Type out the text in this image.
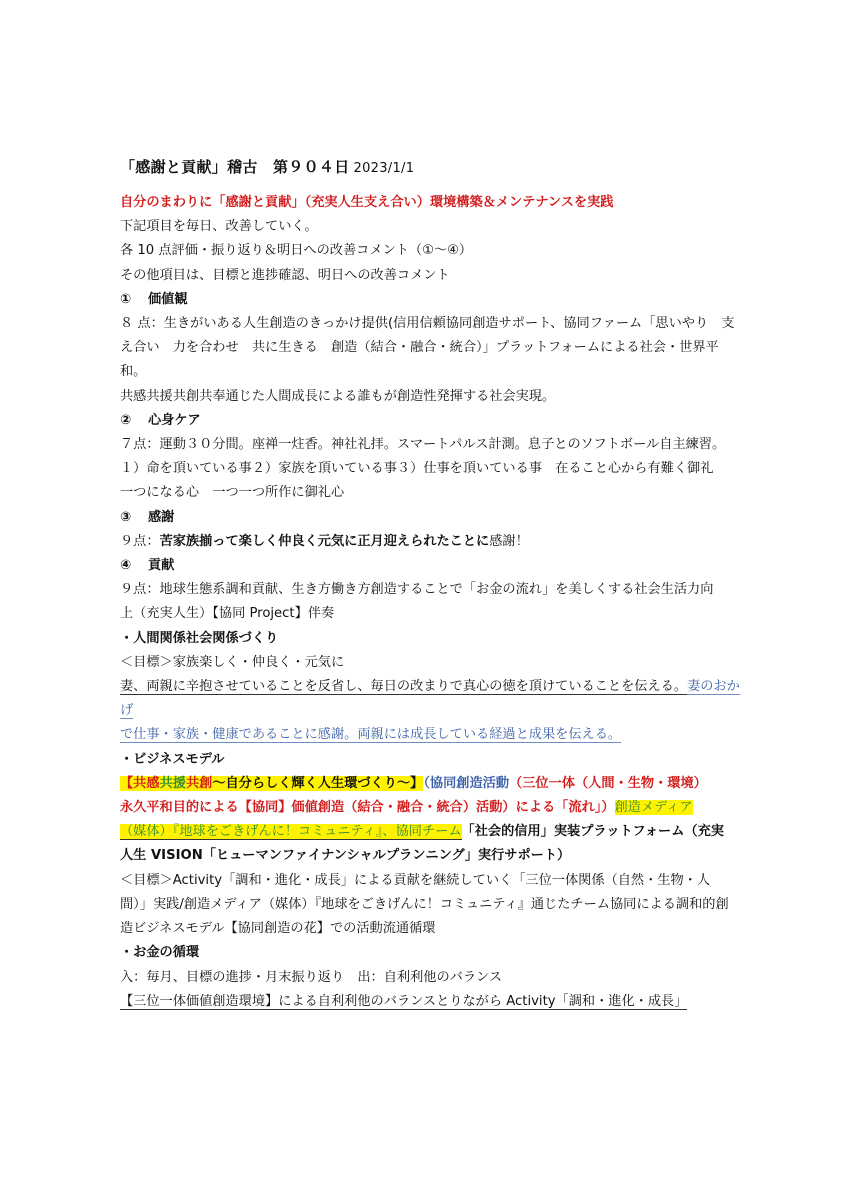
「感謝と貢献」稽古　第９０４日 2023/1/1

自分のまわりに「感謝と貢献」（充実人生支え合い）環境構築＆メンテナンスを実践

下記項目を毎日、改善していく。

各 10 点評価・振り返り＆明日への改善コメント（①～④）

その他項目は、目標と進捗確認、明日への改善コメント

① 価値観

８ 点：生きがいある人生創造のきっかけ提供(信用信頼協同創造サポート、協同ファーム「思いやり　支

え合い　力を合わせ　共に生きる　創造（結合・融合・統合）」プラットフォームによる社会・世界平和。

共感共援共創共奉通じた人間成長による誰もが創造性発揮する社会実現。

② 心身ケア

７点：運動３０分間。座禅一炷香。神社礼拝。スマートパルス計測。息子とのソフトボール自主練習。

１）命を頂いている事２）家族を頂いている事３）仕事を頂いている事　在ること心から有難く御礼

一つになる心　一つ一つ所作に御礼心

③ 感謝

９点：苦家族揃って楽しく仲良く元気に正月迎えられたことに感謝！

④ 貢献

９点：地球生態系調和貢献、生き方働き方創造することで「お金の流れ」を美しくする社会生活力向

上（充実人生）【協同 Project】伴奏

・人間関係社会関係づくり

＜目標＞家族楽しく・仲良く・元気に

妻、両親に辛抱させていることを反省し、毎日の改まりで真心の徳を頂けていることを伝える。妻のおかげ

で仕事・家族・健康であることに感謝。両親には成長している経過と成果を伝える。

・ビジネスモデル

【共感共援共創～自分らしく輝く人生環づくり～】（協同創造活動（三位一体（人間・生物・環境）

永久平和目的による【協同】価値創造（結合・融合・統合）活動）による「流れ」）創造メディア

（媒体）『地球をごきげんに！コミュニティ』、協同チーム「社会的信用」実装プラットフォーム（充実

人生 VISION「ヒューマンファイナンシャルプランニング」実行サポート）

＜目標＞Activity「調和・進化・成長」による貢献を継続していく「三位一体関係（自然・生物・人

間）」実践/創造メディア（媒体）『地球をごきげんに！コミュニティ』通じたチーム協同による調和的創

造ビジネスモデル【協同創造の花】での活動流通循環

・お金の循環

入：毎月、目標の進捗・月末振り返り　出：自利利他のバランス

【三位一体価値創造環境】による自利利他のバランスとりながら Activity「調和・進化・成長」
